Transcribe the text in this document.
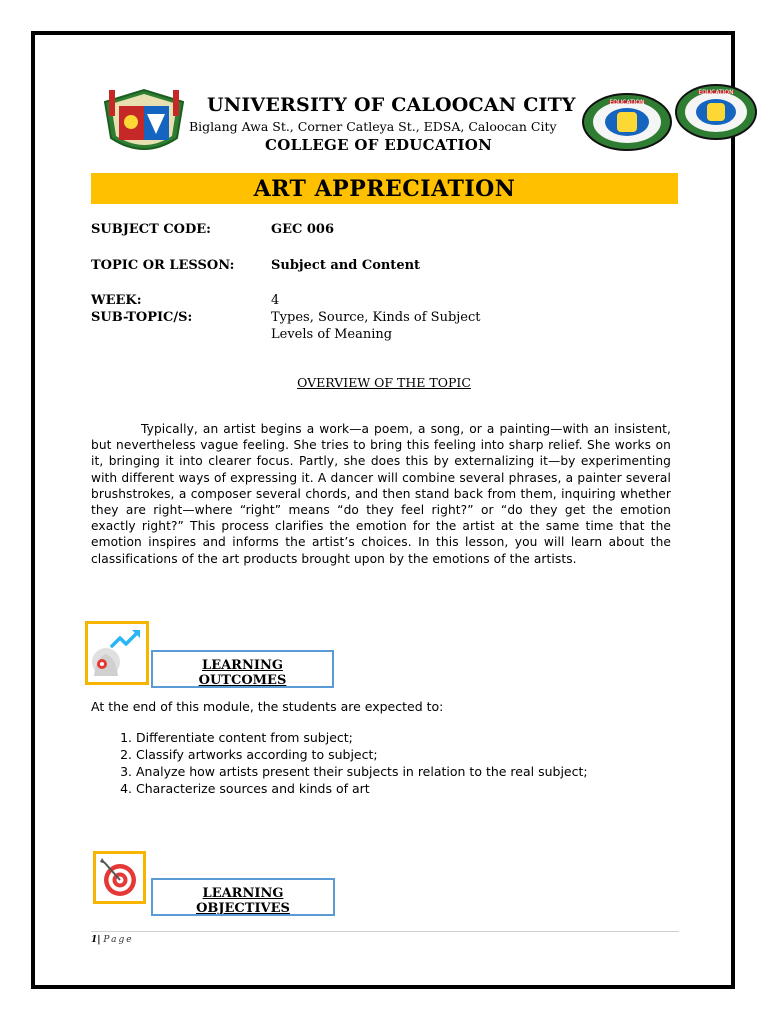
EDUCATION
EDUCATION
UNIVERSITY OF CALOOCAN CITY
Biglang Awa St., Corner Catleya St., EDSA, Caloocan City
COLLEGE OF EDUCATION
ART APPRECIATION
SUBJECT CODE:	GEC 006
TOPIC OR LESSON:	Subject and Content
WEEK:	4
SUB-TOPIC/S:	Types, Source, Kinds of Subject
Levels of Meaning
OVERVIEW OF THE TOPIC
Typically, an artist begins a work—a poem, a song, or a painting—with an insistent, but nevertheless vague feeling. She tries to bring this feeling into sharp relief. She works on it, bringing it into clearer focus. Partly, she does this by externalizing it—by experimenting with different ways of expressing it. A dancer will combine several phrases, a painter several brushstrokes, a composer several chords, and then stand back from them, inquiring whether they are right—where “right” means “do they feel right?” or “do they get the emotion exactly right?” This process clarifies the emotion for the artist at the same time that the emotion inspires and informs the artist’s choices. In this lesson, you will learn about the classifications of the art products brought upon by the emotions of the artists.
LEARNING
OUTCOMES
At the end of this module, the students are expected to:
1. Differentiate content from subject;
2. Classify artworks according to subject;
3. Analyze how artists present their subjects in relation to the real subject;
4. Characterize sources and kinds of art
LEARNING
OBJECTIVES
1| Page
